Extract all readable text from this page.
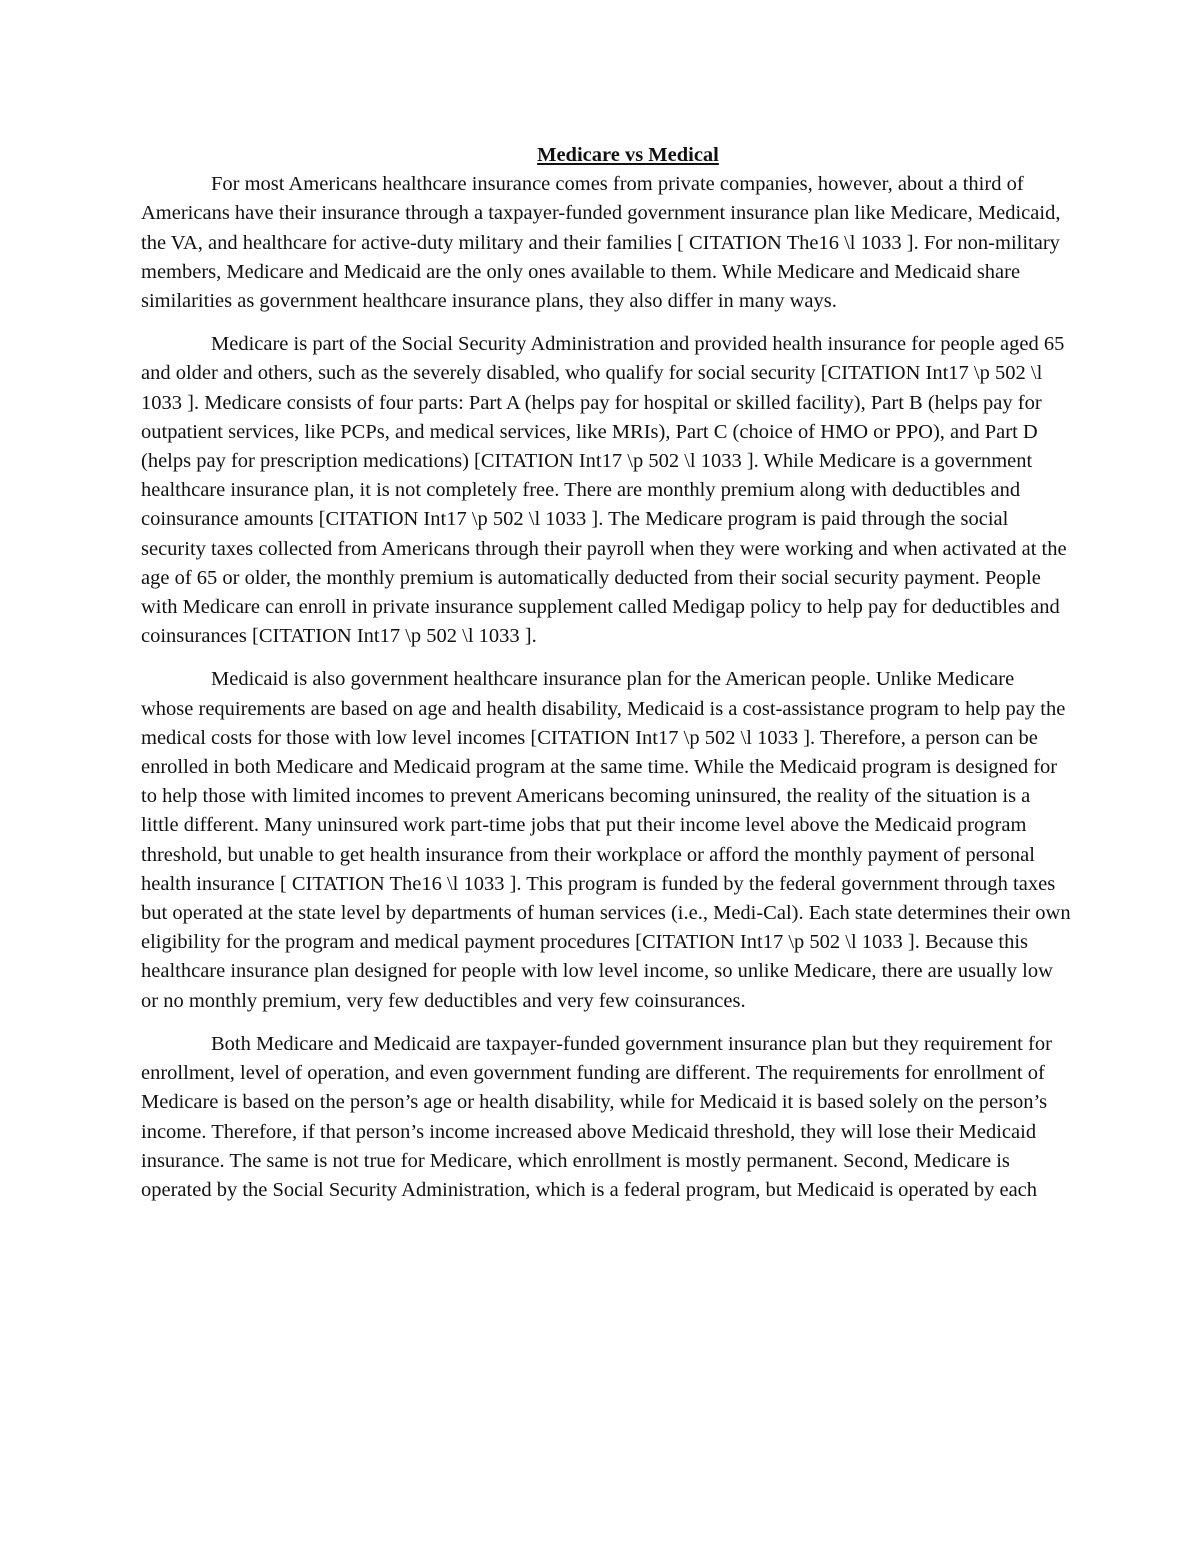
Medicare vs Medical

For most Americans healthcare insurance comes from private companies, however, about a third of Americans have their insurance through a taxpayer-funded government insurance plan like Medicare, Medicaid, the VA, and healthcare for active-duty military and their families [ CITATION The16 \l 1033 ]. For non-military members, Medicare and Medicaid are the only ones available to them. While Medicare and Medicaid share similarities as government healthcare insurance plans, they also differ in many ways.

Medicare is part of the Social Security Administration and provided health insurance for people aged 65 and older and others, such as the severely disabled, who qualify for social security [CITATION Int17 \p 502 \l 1033 ]. Medicare consists of four parts: Part A (helps pay for hospital or skilled facility), Part B (helps pay for outpatient services, like PCPs, and medical services, like MRIs), Part C (choice of HMO or PPO), and Part D (helps pay for prescription medications) [CITATION Int17 \p 502 \l 1033 ]. While Medicare is a government healthcare insurance plan, it is not completely free. There are monthly premium along with deductibles and coinsurance amounts [CITATION Int17 \p 502 \l 1033 ]. The Medicare program is paid through the social security taxes collected from Americans through their payroll when they were working and when activated at the age of 65 or older, the monthly premium is automatically deducted from their social security payment. People with Medicare can enroll in private insurance supplement called Medigap policy to help pay for deductibles and coinsurances [CITATION Int17 \p 502 \l 1033 ].

Medicaid is also government healthcare insurance plan for the American people. Unlike Medicare whose requirements are based on age and health disability, Medicaid is a cost-assistance program to help pay the medical costs for those with low level incomes [CITATION Int17 \p 502 \l 1033 ]. Therefore, a person can be enrolled in both Medicare and Medicaid program at the same time. While the Medicaid program is designed for to help those with limited incomes to prevent Americans becoming uninsured, the reality of the situation is a little different. Many uninsured work part-time jobs that put their income level above the Medicaid program threshold, but unable to get health insurance from their workplace or afford the monthly payment of personal health insurance [ CITATION The16 \l 1033 ]. This program is funded by the federal government through taxes but operated at the state level by departments of human services (i.e., Medi-Cal). Each state determines their own eligibility for the program and medical payment procedures [CITATION Int17 \p 502 \l 1033 ]. Because this healthcare insurance plan designed for people with low level income, so unlike Medicare, there are usually low or no monthly premium, very few deductibles and very few coinsurances.

Both Medicare and Medicaid are taxpayer-funded government insurance plan but they requirement for enrollment, level of operation, and even government funding are different. The requirements for enrollment of Medicare is based on the person’s age or health disability, while for Medicaid it is based solely on the person’s income. Therefore, if that person’s income increased above Medicaid threshold, they will lose their Medicaid insurance. The same is not true for Medicare, which enrollment is mostly permanent. Second, Medicare is operated by the Social Security Administration, which is a federal program, but Medicaid is operated by each
